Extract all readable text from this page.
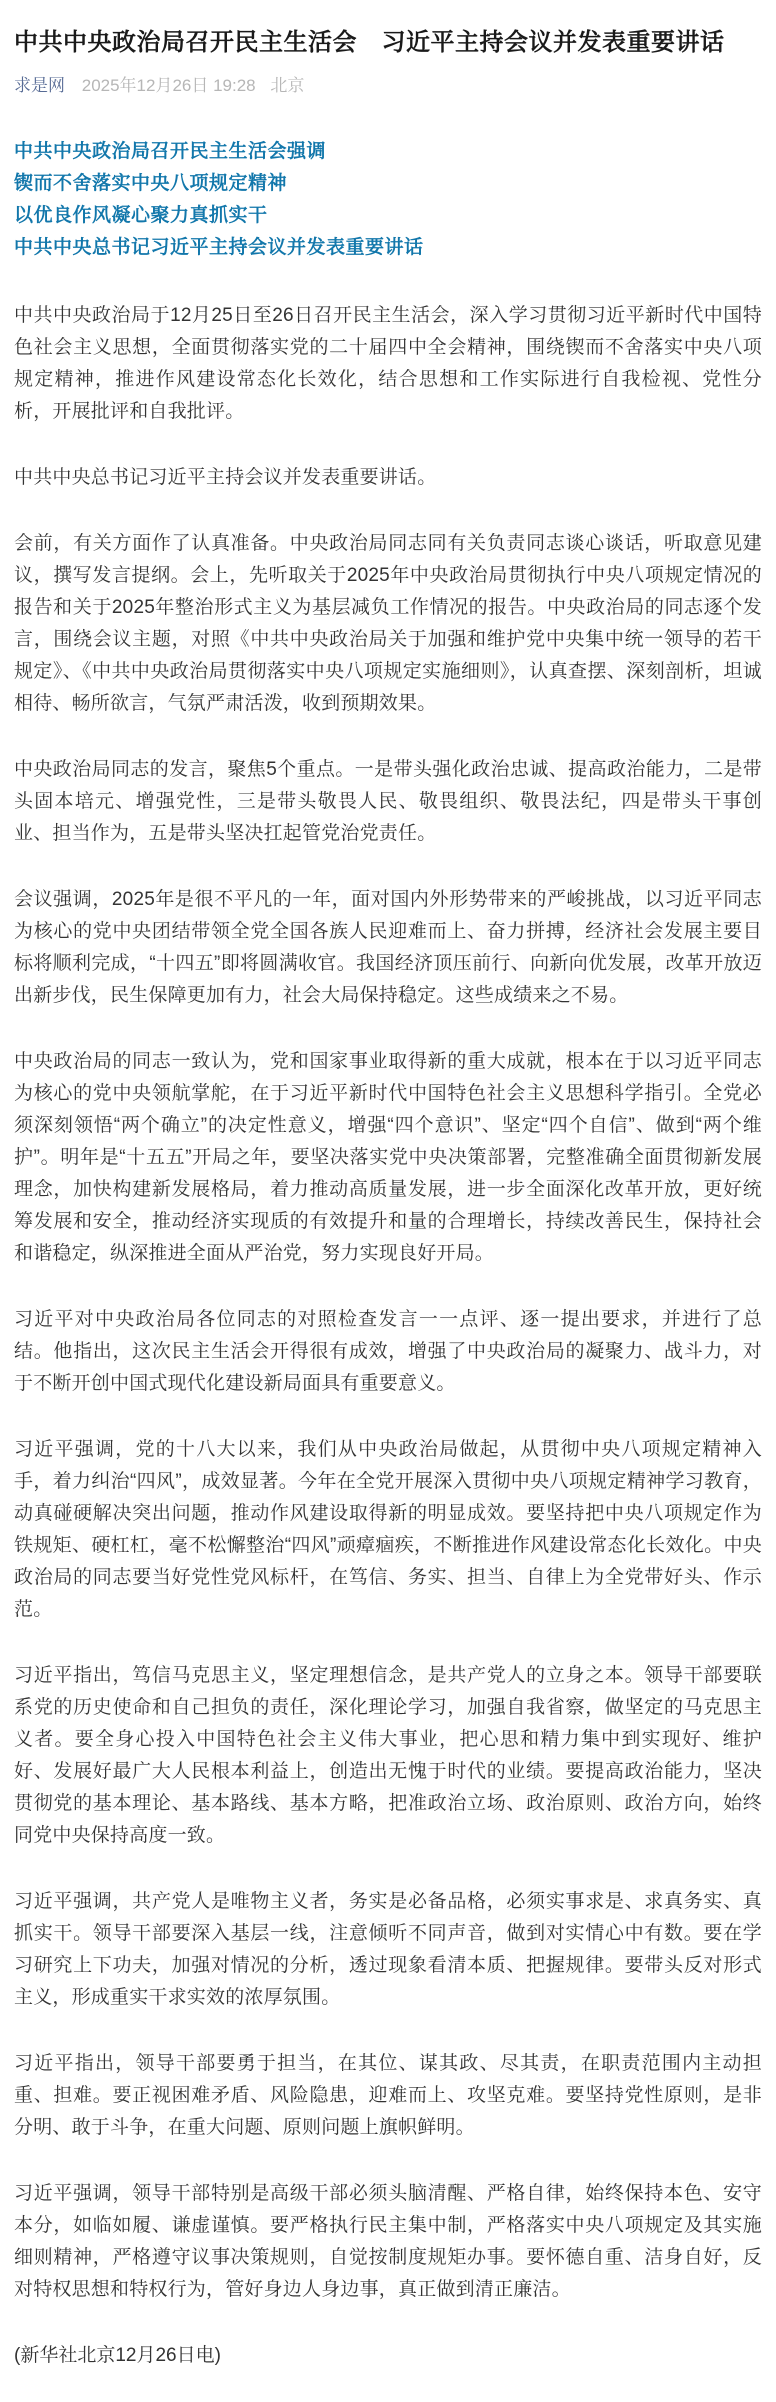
中共中央政治局召开民主生活会　习近平主持会议并发表重要讲话
求是网 2025年12月26日 19:28 北京
中共中央政治局召开民主生活会强调
锲而不舍落实中央八项规定精神
以优良作风凝心聚力真抓实干
中共中央总书记习近平主持会议并发表重要讲话

中共中央政治局于12月25日至26日召开民主生活会，深入学习贯彻习近平新时代中国特色社会主义思想，全面贯彻落实党的二十届四中全会精神，围绕锲而不舍落实中央八项规定精神，推进作风建设常态化长效化，结合思想和工作实际进行自我检视、党性分析，开展批评和自我批评。

中共中央总书记习近平主持会议并发表重要讲话。

会前，有关方面作了认真准备。中央政治局同志同有关负责同志谈心谈话，听取意见建议，撰写发言提纲。会上，先听取关于2025年中央政治局贯彻执行中央八项规定情况的报告和关于2025年整治形式主义为基层减负工作情况的报告。中央政治局的同志逐个发言，围绕会议主题，对照《中共中央政治局关于加强和维护党中央集中统一领导的若干规定》、《中共中央政治局贯彻落实中央八项规定实施细则》，认真查摆、深刻剖析，坦诚相待、畅所欲言，气氛严肃活泼，收到预期效果。

中央政治局同志的发言，聚焦5个重点。一是带头强化政治忠诚、提高政治能力，二是带头固本培元、增强党性，三是带头敬畏人民、敬畏组织、敬畏法纪，四是带头干事创业、担当作为，五是带头坚决扛起管党治党责任。

会议强调，2025年是很不平凡的一年，面对国内外形势带来的严峻挑战，以习近平同志为核心的党中央团结带领全党全国各族人民迎难而上、奋力拼搏，经济社会发展主要目标将顺利完成，“十四五”即将圆满收官。我国经济顶压前行、向新向优发展，改革开放迈出新步伐，民生保障更加有力，社会大局保持稳定。这些成绩来之不易。

中央政治局的同志一致认为，党和国家事业取得新的重大成就，根本在于以习近平同志为核心的党中央领航掌舵，在于习近平新时代中国特色社会主义思想科学指引。全党必须深刻领悟“两个确立”的决定性意义，增强“四个意识”、坚定“四个自信”、做到“两个维护”。明年是“十五五”开局之年，要坚决落实党中央决策部署，完整准确全面贯彻新发展理念，加快构建新发展格局，着力推动高质量发展，进一步全面深化改革开放，更好统筹发展和安全，推动经济实现质的有效提升和量的合理增长，持续改善民生，保持社会和谐稳定，纵深推进全面从严治党，努力实现良好开局。

习近平对中央政治局各位同志的对照检查发言一一点评、逐一提出要求，并进行了总结。他指出，这次民主生活会开得很有成效，增强了中央政治局的凝聚力、战斗力，对于不断开创中国式现代化建设新局面具有重要意义。

习近平强调，党的十八大以来，我们从中央政治局做起，从贯彻中央八项规定精神入手，着力纠治“四风”，成效显著。今年在全党开展深入贯彻中央八项规定精神学习教育，动真碰硬解决突出问题，推动作风建设取得新的明显成效。要坚持把中央八项规定作为铁规矩、硬杠杠，毫不松懈整治“四风”顽瘴痼疾，不断推进作风建设常态化长效化。中央政治局的同志要当好党性党风标杆，在笃信、务实、担当、自律上为全党带好头、作示范。

习近平指出，笃信马克思主义，坚定理想信念，是共产党人的立身之本。领导干部要联系党的历史使命和自己担负的责任，深化理论学习，加强自我省察，做坚定的马克思主义者。要全身心投入中国特色社会主义伟大事业，把心思和精力集中到实现好、维护好、发展好最广大人民根本利益上，创造出无愧于时代的业绩。要提高政治能力，坚决贯彻党的基本理论、基本路线、基本方略，把准政治立场、政治原则、政治方向，始终同党中央保持高度一致。

习近平强调，共产党人是唯物主义者，务实是必备品格，必须实事求是、求真务实、真抓实干。领导干部要深入基层一线，注意倾听不同声音，做到对实情心中有数。要在学习研究上下功夫，加强对情况的分析，透过现象看清本质、把握规律。要带头反对形式主义，形成重实干求实效的浓厚氛围。

习近平指出，领导干部要勇于担当，在其位、谋其政、尽其责，在职责范围内主动担重、担难。要正视困难矛盾、风险隐患，迎难而上、攻坚克难。要坚持党性原则，是非分明、敢于斗争，在重大问题、原则问题上旗帜鲜明。

习近平强调，领导干部特别是高级干部必须头脑清醒、严格自律，始终保持本色、安守本分，如临如履、谦虚谨慎。要严格执行民主集中制，严格落实中央八项规定及其实施细则精神，严格遵守议事决策规则，自觉按制度规矩办事。要怀德自重、洁身自好，反对特权思想和特权行为，管好身边人身边事，真正做到清正廉洁。

(新华社北京12月26日电)
